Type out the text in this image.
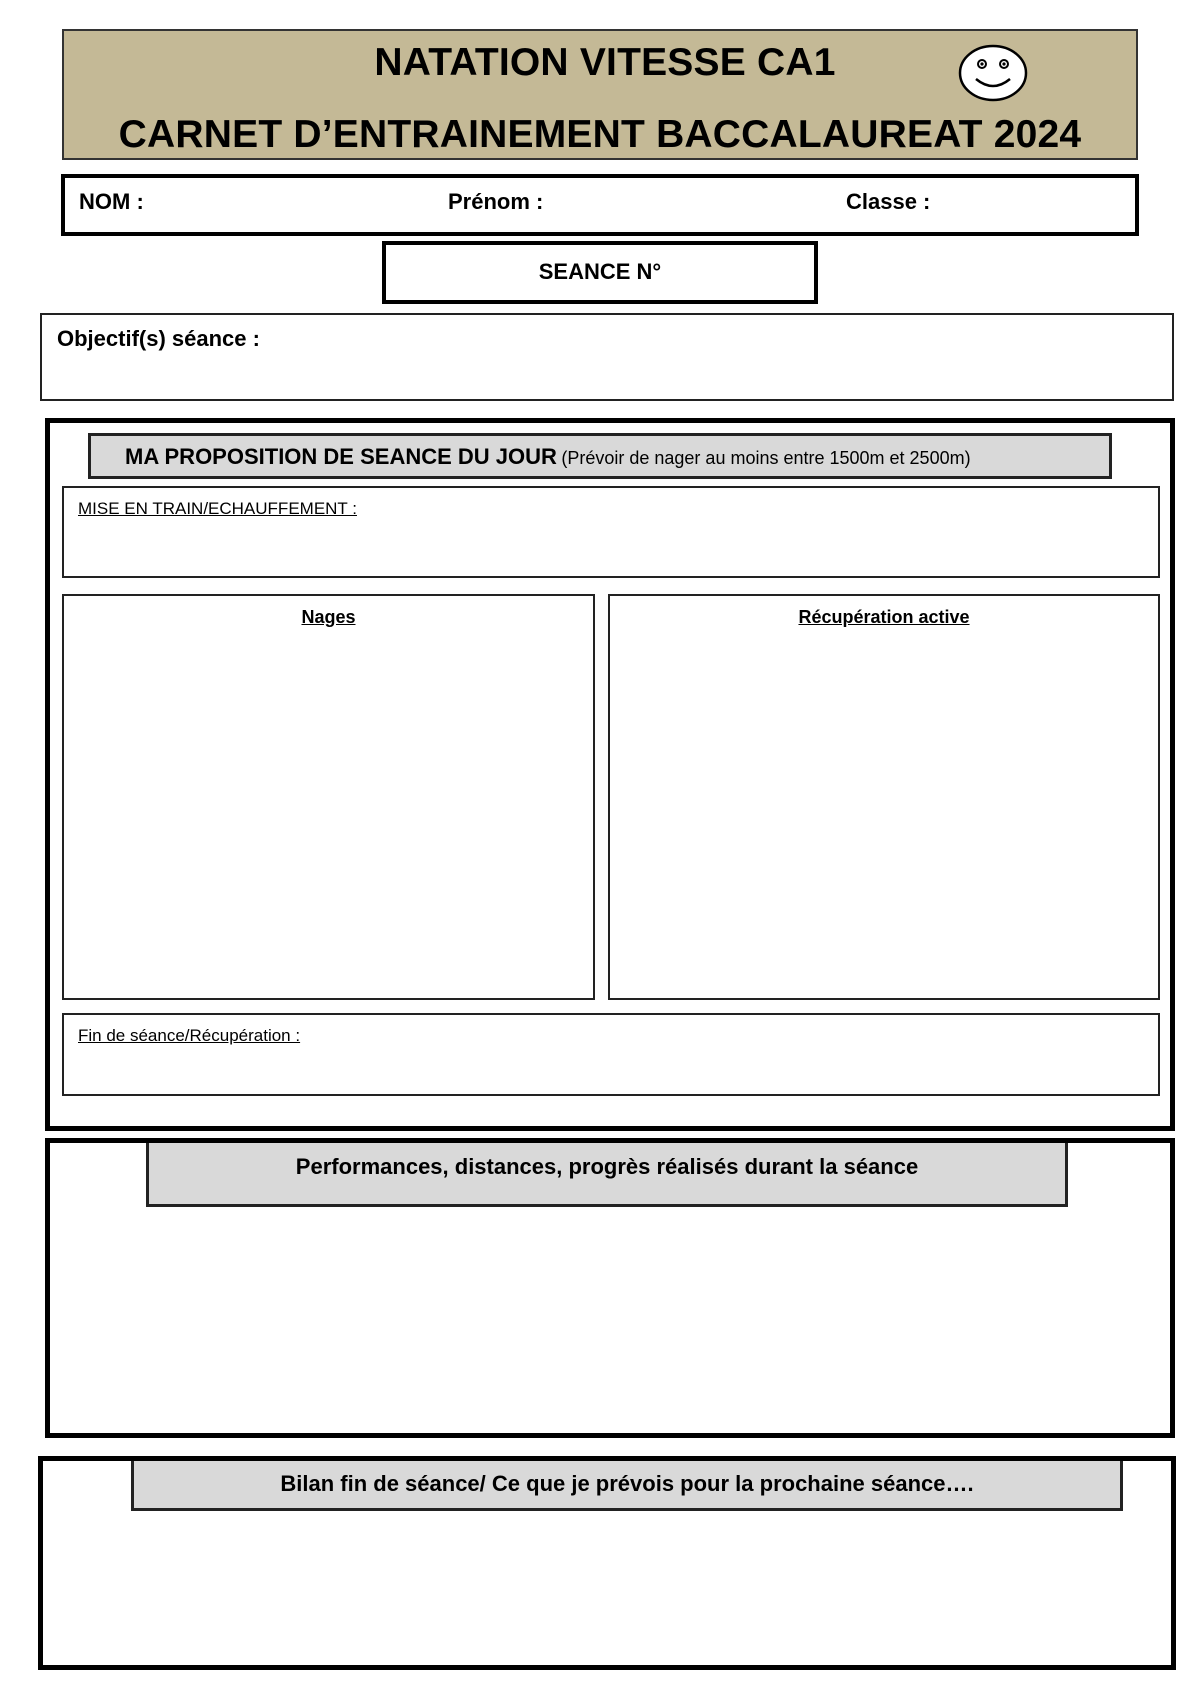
NATATION VITESSE CA1
CARNET D’ENTRAINEMENT BACCALAUREAT 2024
NOM :	Prénom :	Classe :
SEANCE N°
Objectif(s) séance :
MA PROPOSITION DE SEANCE DU JOUR (Prévoir de nager au moins entre 1500m et 2500m)
MISE EN TRAIN/ECHAUFFEMENT :
Nages	Récupération active
Fin de séance/Récupération :
Performances, distances, progrès réalisés durant la séance
Bilan fin de séance/ Ce que je prévois pour la prochaine séance….
